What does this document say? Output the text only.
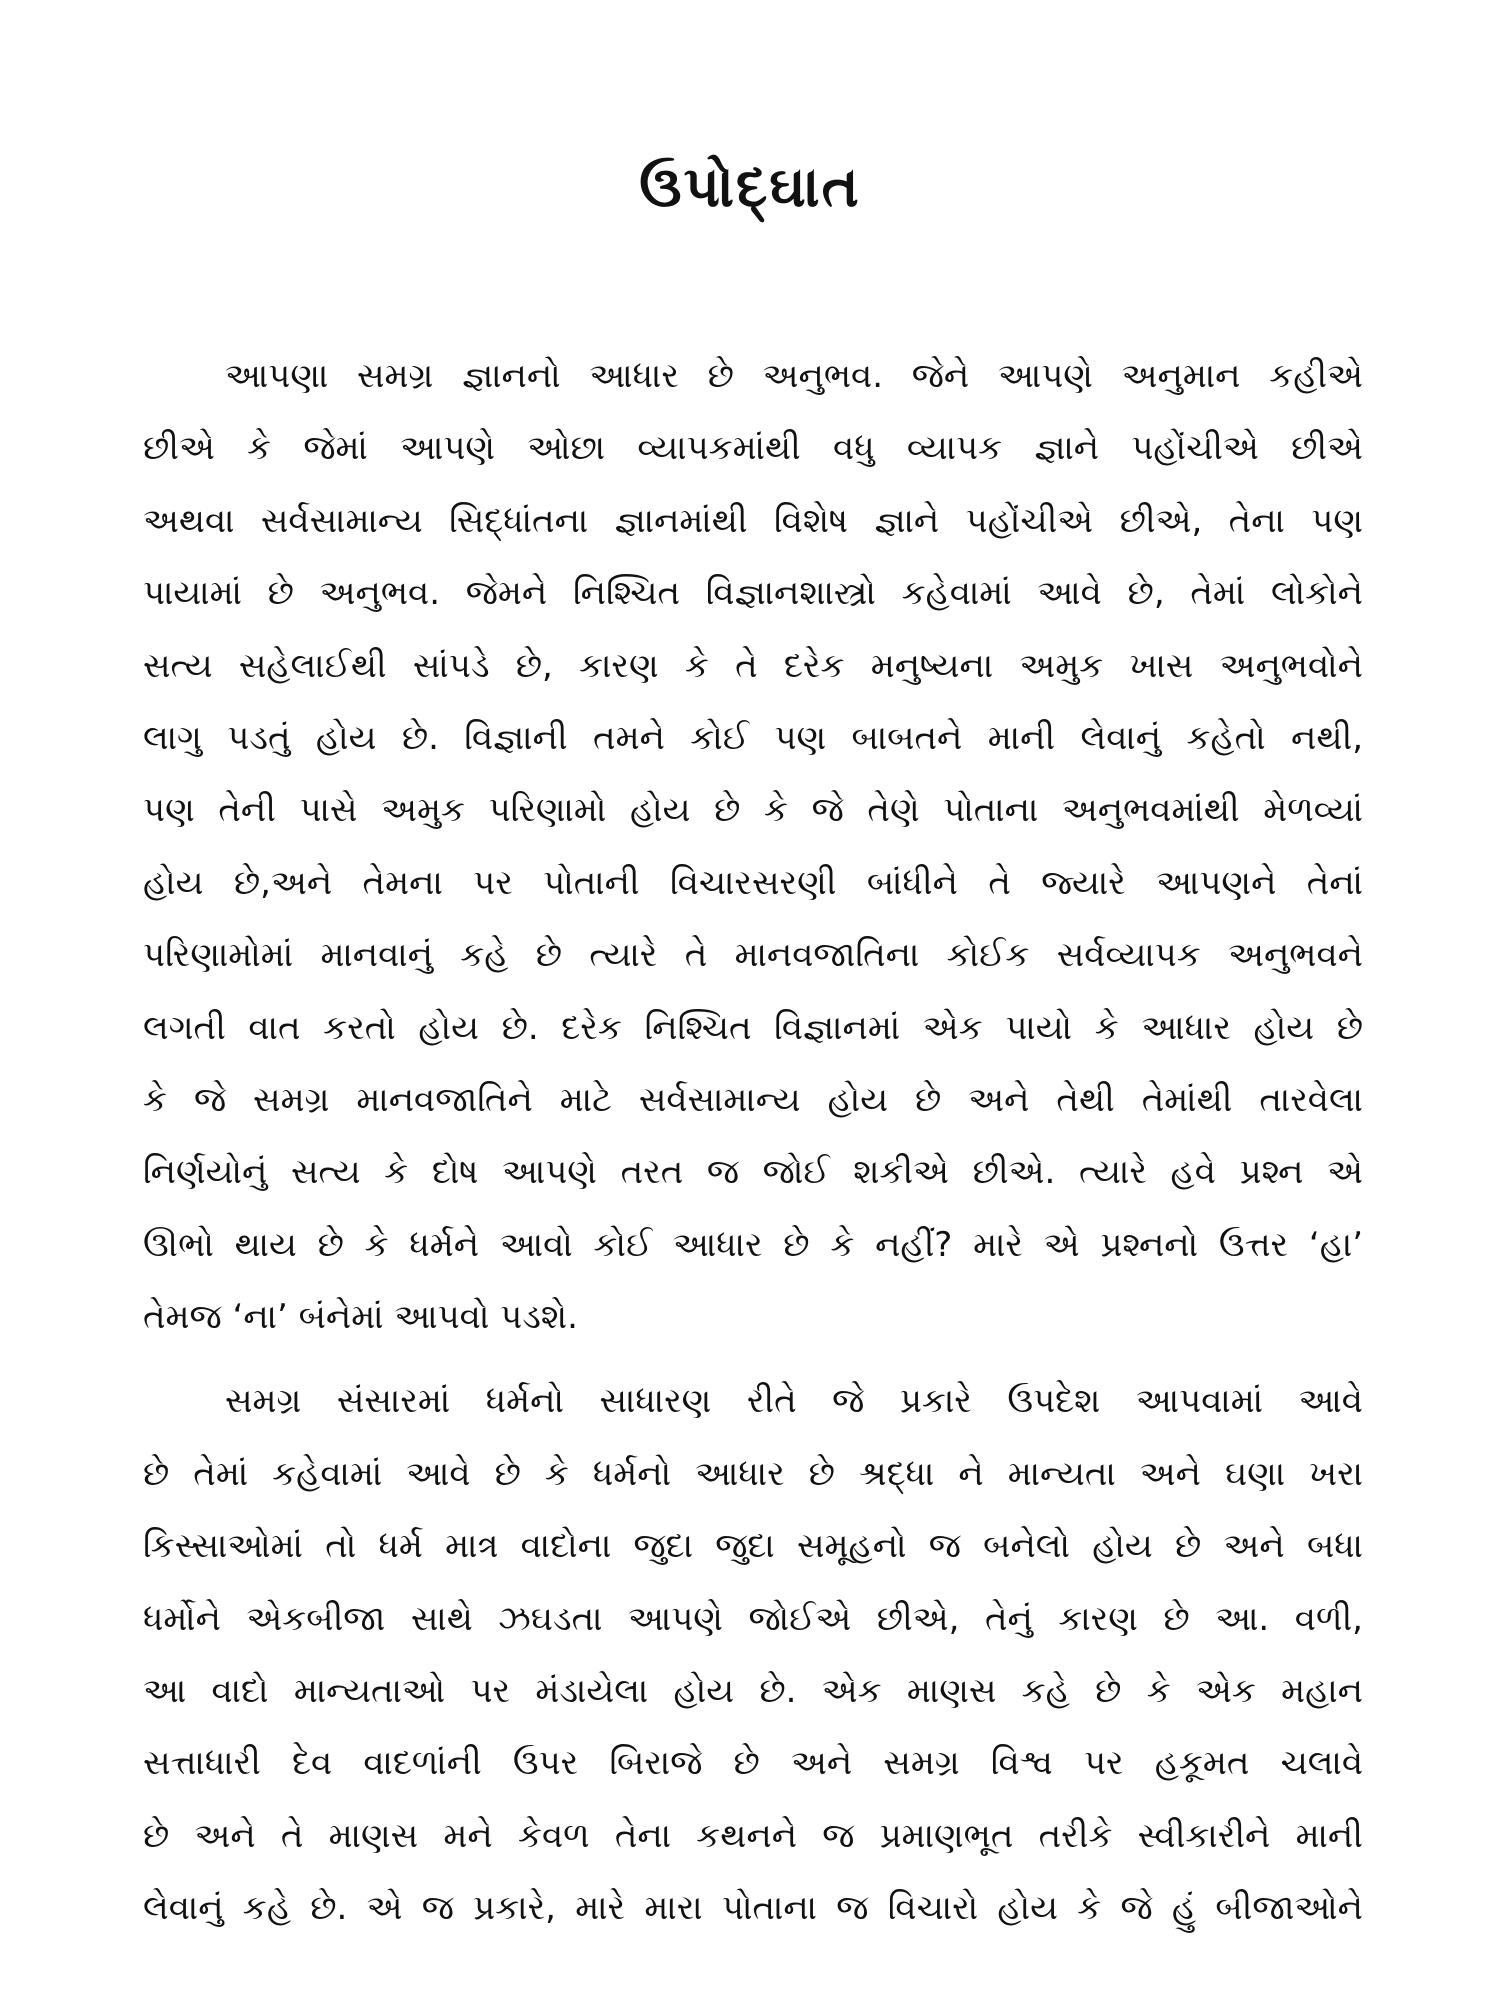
ઉપોદ્ઘાત

આપણા સમગ્ર જ્ઞાનનો આધાર છે અનુભવ. જેને આપણે અનુમાન કહીએ
છીએ કે જેમાં આપણે ઓછા વ્યાપકમાંથી વધુ વ્યાપક જ્ઞાને પહોંચીએ છીએ
અથવા સર્વસામાન્ય સિદ્ધાંતના જ્ઞાનમાંથી વિશેષ જ્ઞાને પહોંચીએ છીએ, તેના પણ
પાયામાં છે અનુભવ. જેમને નિશ્ચિત વિજ્ઞાનશાસ્ત્રો કહેવામાં આવે છે, તેમાં લોકોને
સત્ય સહેલાઈથી સાંપડે છે, કારણ કે તે દરેક મનુષ્યના અમુક ખાસ અનુભવોને
લાગુ પડતું હોય છે. વિજ્ઞાની તમને કોઈ પણ બાબતને માની લેવાનું કહેતો નથી,
પણ તેની પાસે અમુક પરિણામો હોય છે કે જે તેણે પોતાના અનુભવમાંથી મેળવ્યાં
હોય છે,અને તેમના પર પોતાની વિચારસરણી બાંધીને તે જ્યારે આપણને તેનાં
પરિણામોમાં માનવાનું કહે છે ત્યારે તે માનવજાતિના કોઈક સર્વવ્યાપક અનુભવને
લગતી વાત કરતો હોય છે. દરેક નિશ્ચિત વિજ્ઞાનમાં એક પાયો કે આધાર હોય છે
કે જે સમગ્ર માનવજાતિને માટે સર્વસામાન્ય હોય છે અને તેથી તેમાંથી તારવેલા
નિર્ણયોનું સત્ય કે દોષ આપણે તરત જ જોઈ શકીએ છીએ. ત્યારે હવે પ્રશ્ન એ
ઊભો થાય છે કે ધર્મને આવો કોઈ આધાર છે કે નહીં? મારે એ પ્રશ્નનો ઉત્તર ‘હા’
તેમજ ‘ના’ બંનેમાં આપવો પડશે.

સમગ્ર સંસારમાં ધર્મનો સાધારણ રીતે જે પ્રકારે ઉપદેશ આપવામાં આવે
છે તેમાં કહેવામાં આવે છે કે ધર્મનો આધાર છે શ્રદ્ધા ને માન્યતા અને ઘણા ખરા
કિસ્સાઓમાં તો ધર્મ માત્ર વાદોના જુદા જુદા સમૂહનો જ બનેલો હોય છે અને બધા
ધર્મોને એકબીજા સાથે ઝઘડતા આપણે જોઈએ છીએ, તેનું કારણ છે આ. વળી,
આ વાદો માન્યતાઓ પર મંડાયેલા હોય છે. એક માણસ કહે છે કે એક મહાન
સત્તાધારી દેવ વાદળાંની ઉપર બિરાજે છે અને સમગ્ર વિશ્વ પર હકૂમત ચલાવે
છે અને તે માણસ મને કેવળ તેના કથનને જ પ્રમાણભૂત તરીકે સ્વીકારીને માની
લેવાનું કહે છે. એ જ પ્રકારે, મારે મારા પોતાના જ વિચારો હોય કે જે હું બીજાઓને
